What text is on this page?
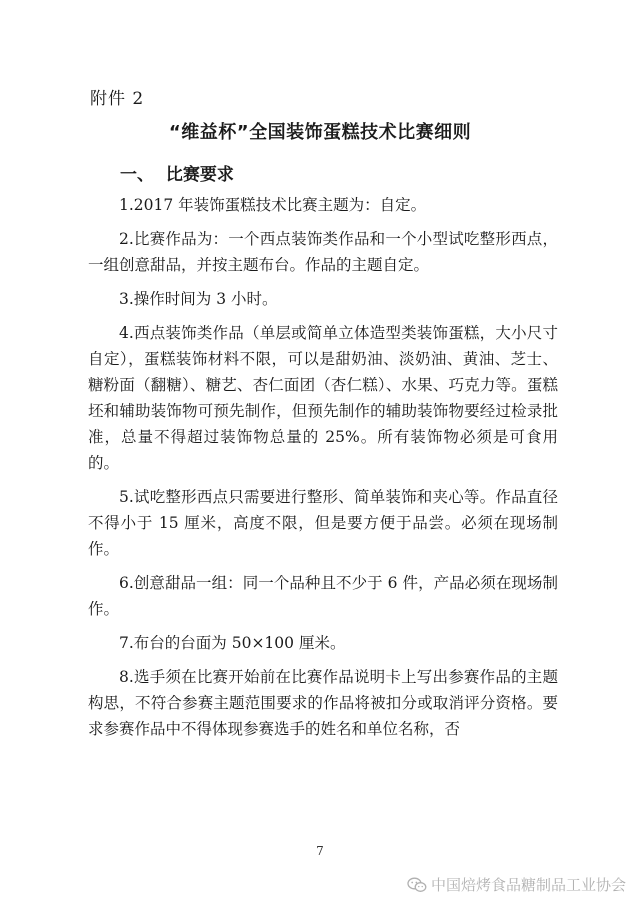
附件 2
“维益杯”全国装饰蛋糕技术比赛细则
一、 比赛要求

1.2017 年装饰蛋糕技术比赛主题为：自定。

2.比赛作品为：一个西点装饰类作品和一个小型试吃整形西点，一组创意甜品，并按主题布台。作品的主题自定。

3.操作时间为 3 小时。

4.西点装饰类作品（单层或简单立体造型类装饰蛋糕，大小尺寸自定），蛋糕装饰材料不限，可以是甜奶油、淡奶油、黄油、芝士、糖粉面（翻糖）、糖艺、杏仁面团（杏仁糕）、水果、巧克力等。蛋糕坯和辅助装饰物可预先制作，但预先制作的辅助装饰物要经过检录批准，总量不得超过装饰物总量的 25%。所有装饰物必须是可食用的。

5.试吃整形西点只需要进行整形、简单装饰和夹心等。作品直径不得小于 15 厘米，高度不限，但是要方便于品尝。必须在现场制作。

6.创意甜品一组：同一个品种且不少于 6 件，产品必须在现场制作。

7.布台的台面为 50×100 厘米。

8.选手须在比赛开始前在比赛作品说明卡上写出参赛作品的主题构思，不符合参赛主题范围要求的作品将被扣分或取消评分资格。要求参赛作品中不得体现参赛选手的姓名和单位名称，否

7
中国焙烤食品糖制品工业协会
